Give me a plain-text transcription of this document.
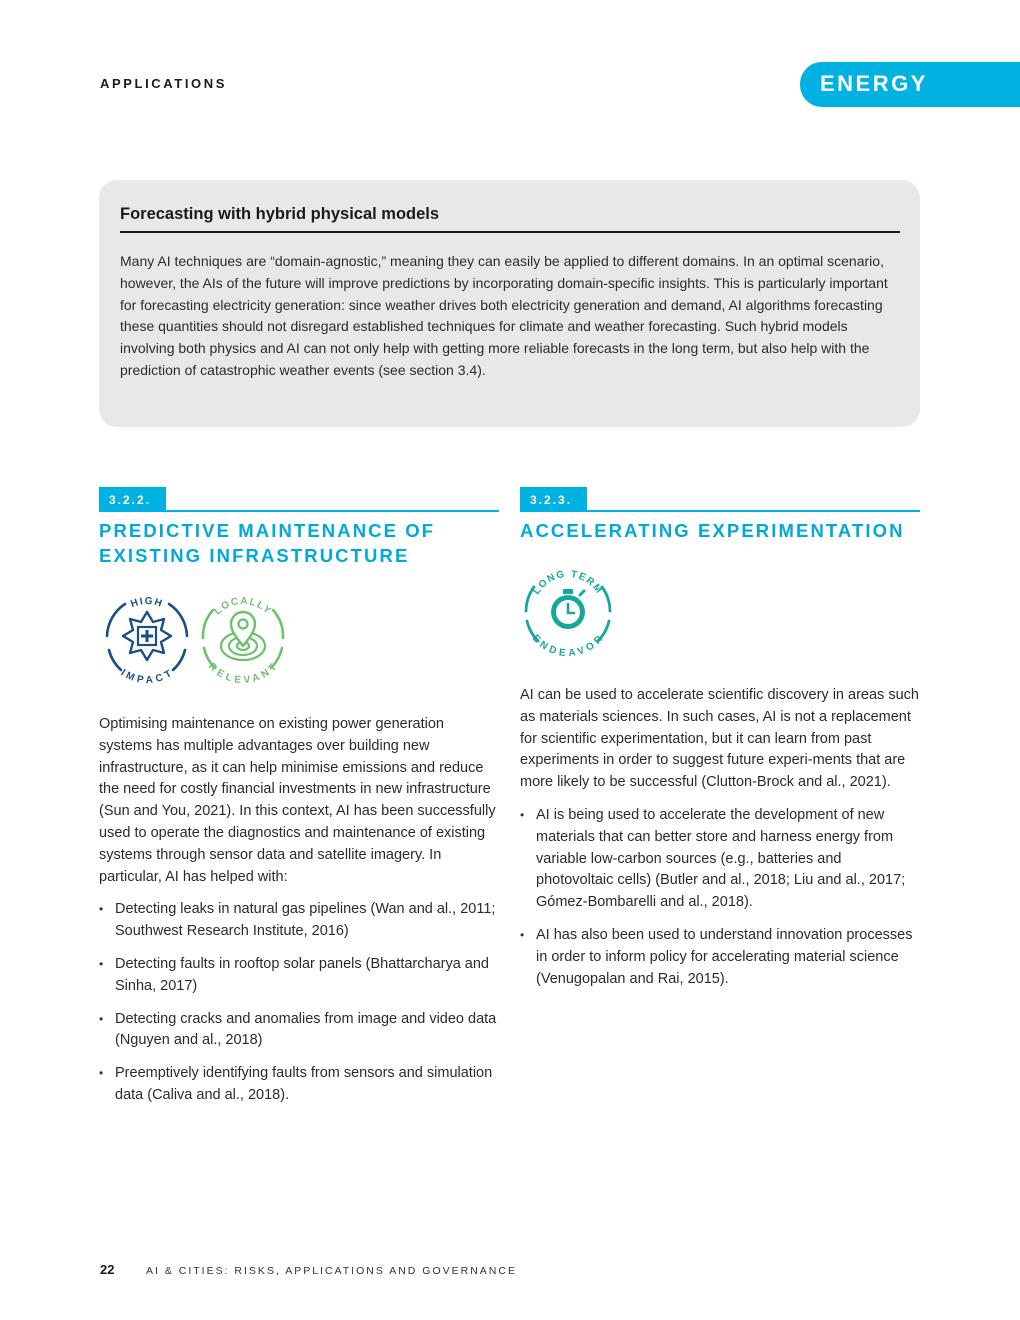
APPLICATIONS	ENERGY
Forecasting with hybrid physical models

Many AI techniques are “domain-agnostic,” meaning they can easily be applied to different domains. In an optimal scenario, however, the AIs of the future will improve predictions by incorporating domain-specific insights. This is particularly important for forecasting electricity generation: since weather drives both electricity generation and demand, AI algorithms forecasting these quantities should not disregard established techniques for climate and weather forecasting. Such hybrid models involving both physics and AI can not only help with getting more reliable forecasts in the long term, but also help with the prediction of catastrophic weather events (see section 3.4).

3.2.2.
PREDICTIVE MAINTENANCE OF EXISTING INFRASTRUCTURE
HIGH
IMPACT
LOCALLY
RELEVANT

Optimising maintenance on existing power generation systems has multiple advantages over building new infrastructure, as it can help minimise emissions and reduce the need for costly financial investments in new infrastructure (Sun and You, 2021). In this context, AI has been successfully used to operate the diagnostics and maintenance of existing systems through sensor data and satellite imagery. In particular, AI has helped with:

• Detecting leaks in natural gas pipelines (Wan and al., 2011; Southwest Research Institute, 2016)
• Detecting faults in rooftop solar panels (Bhattarcharya and Sinha, 2017)
• Detecting cracks and anomalies from image and video data (Nguyen and al., 2018)
• Preemptively identifying faults from sensors and simulation data (Caliva and al., 2018).
3.2.3.
ACCELERATING EXPERIMENTATION
LONG TERM
ENDEAVOR

AI can be used to accelerate scientific discovery in areas such as materials sciences. In such cases, AI is not a replacement for scientific experimentation, but it can learn from past experiments in order to suggest future experi-ments that are more likely to be successful (Clutton-Brock and al., 2021).

• AI is being used to accelerate the development of new materials that can better store and harness energy from variable low-carbon sources (e.g., batteries and photovoltaic cells) (Butler and al., 2018; Liu and al., 2017; Gómez-Bombarelli and al., 2018).
• AI has also been used to understand innovation processes in order to inform policy for accelerating material science (Venugopalan and Rai, 2015).
22	AI & CITIES: RISKS, APPLICATIONS AND GOVERNANCE
